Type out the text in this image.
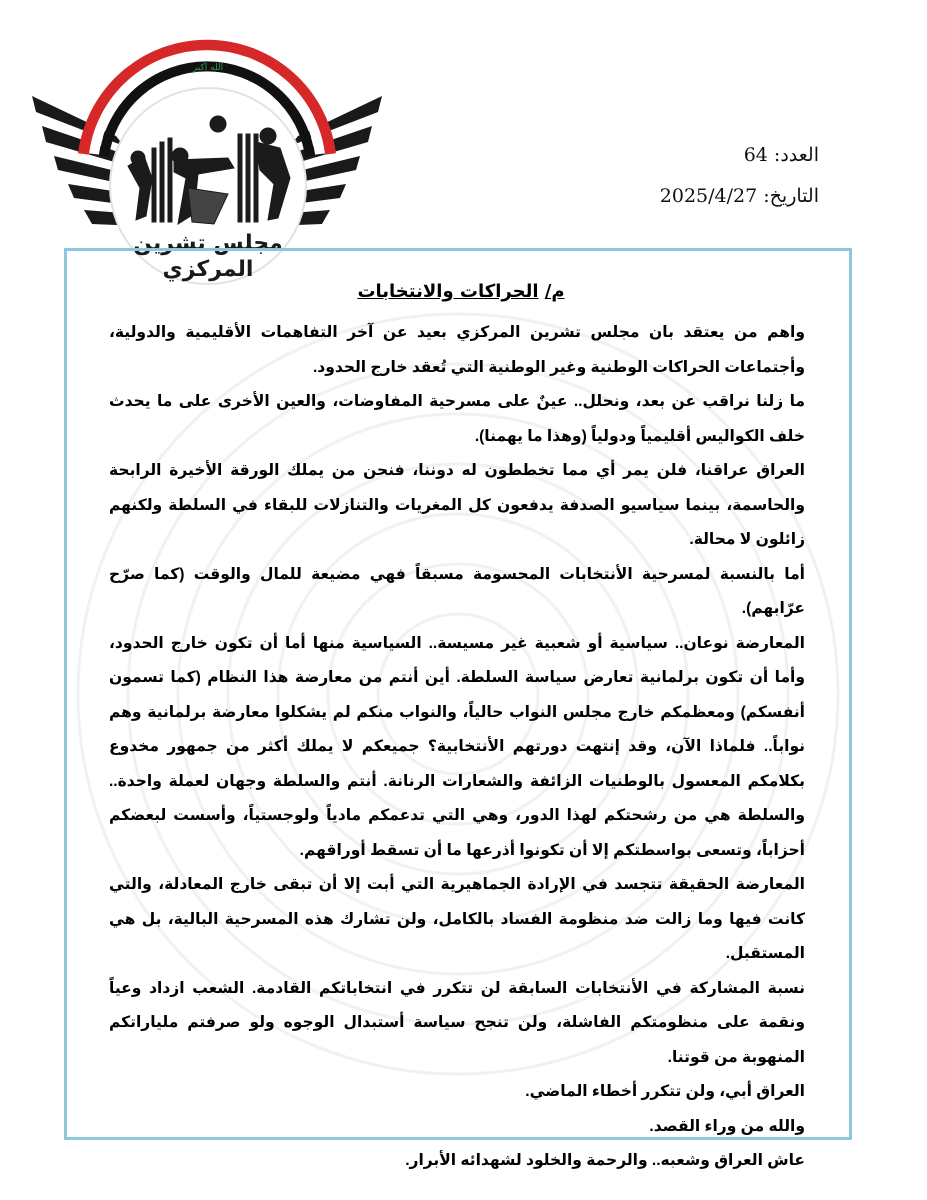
الله أكبر
مجلس تشرين
المركزي
العدد: 64
التاريخ: 2025/4/27

م/ الحراكات والانتخابات

واهم من يعتقد بان مجلس تشرين المركزي بعيد عن آخر التفاهمات الأقليمية والدولية، وأجتماعات الحراكات الوطنية وغير الوطنية التي تُعقد خارج الحدود.

ما زلنا نراقب عن بعد، ونحلل.. عينٌ على مسرحية المفاوضات، والعين الأخرى على ما يحدث خلف الكواليس أقليمياً ودولياً (وهذا ما يهمنا).

العراق عراقنا، فلن يمر أي مما تخططون له دوننا، فنحن من يملك الورقة الأخيرة الرابحة والحاسمة، بينما سياسيو الصدفة يدفعون كل المغريات والتنازلات للبقاء في السلطة ولكنهم زائلون لا محالة.

أما بالنسبة لمسرحية الأنتخابات المحسومة مسبقاً فهي مضيعة للمال والوقت (كما صرّح عرّابهم).

المعارضة نوعان.. سياسية أو شعبية غير مسيسة.. السياسية منها أما أن تكون خارج الحدود، وأما أن تكون برلمانية تعارض سياسة السلطة. أين أنتم من معارضة هذا النظام (كما تسمون أنفسكم) ومعظمكم خارج مجلس النواب حالياً، والنواب منكم لم يشكلوا معارضة برلمانية وهم نواباً.. فلماذا الآن، وقد إنتهت دورتهم الأنتخابية؟ جميعكم لا يملك أكثر من جمهور مخدوع بكلامكم المعسول بالوطنيات الزائفة والشعارات الرنانة. أنتم والسلطة وجهان لعملة واحدة.. والسلطة هي من رشحتكم لهذا الدور، وهي التي تدعمكم مادياً ولوجستياً، وأسست لبعضكم أحزاباً، وتسعى بواسطتكم إلا أن تكونوا أذرعها ما أن تسقط أوراقهم.

المعارضة الحقيقة تتجسد في الإرادة الجماهيرية التي أبت إلا أن تبقى خارج المعادلة، والتي كانت فيها وما زالت ضد منظومة الفساد بالكامل، ولن تشارك هذه المسرحية البالية، بل هي المستقبل.

نسبة المشاركة في الأنتخابات السابقة لن تتكرر في انتخاباتكم القادمة. الشعب ازداد وعياً ونقمة على منظومتكم الفاشلة، ولن تنجح سياسة أستبدال الوجوه ولو صرفتم ملياراتكم المنهوبة من قوتنا.

العراق أبي، ولن تتكرر أخطاء الماضي.

والله من وراء القصد.

عاش العراق وشعبه.. والرحمة والخلود لشهدائه الأبرار.
